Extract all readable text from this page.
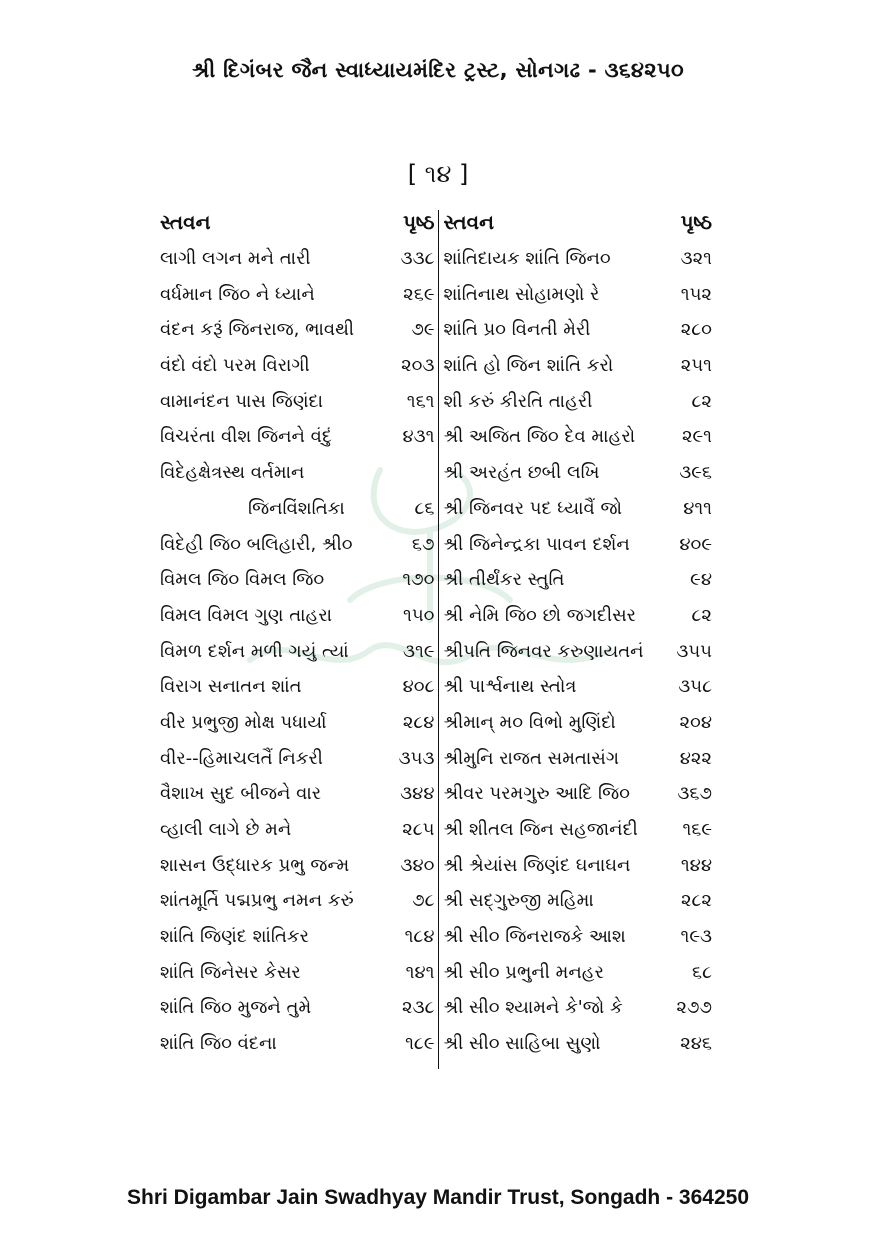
શ્રી દિગંબર જૈન સ્વાધ્યાયમંદિર ટ્રસ્ટ, સોનગઢ - ૩૬૪૨૫૦
[ ૧૪ ]
સ્તવન	પૃષ્ઠ
લાગી લગન મને તારી	૩૩૮
વર્ધમાન જિ૦ ને ધ્યાને	૨૬૯
વંદન કરૂં જિનરાજ, ભાવથી	૭૯
વંદો વંદો પરમ વિરાગી	૨૦૩
વામાનંદન પાસ જિણંદા	૧૬૧
વિચરંતા વીશ જિનને વંદું	૪૩૧
વિદેહક્ષેત્રસ્થ વર્તમાન
જિનવિંશતિકા	૮૬
વિદેહી જિ૦ બલિહારી, શ્રી૦	૬૭
વિમલ જિ૦ વિમલ જિ૦	૧૭૦
વિમલ વિમલ ગુણ તાહરા	૧૫૦
વિમળ દર્શન મળી ગયું ત્યાં	૩૧૯
વિરાગ સનાતન શાંત	૪૦૮
વીર પ્રભુજી મોક્ષ પધાર્યા	૨૮૪
વીર--હિમાચલતૈં નિકરી	૩૫૩
વૈશાખ સુદ બીજને વાર	૩૪૪
વ્હાલી લાગે છે મને	૨૮૫
શાસન ઉદ્ધારક પ્રભુ જન્મ	૩૪૦
શાંતમૂર્તિ પદ્મપ્રભુ નમન કરું	૭૮
શાંતિ જિણંદ શાંતિકર	૧૮૪
શાંતિ જિનેસર કેસર	૧૪૧
શાંતિ જિ૦ મુજને તુમે	૨૩૮
શાંતિ જિ૦ વંદના	૧૮૯
સ્તવન	પૃષ્ઠ
શાંતિદાયક શાંતિ જિન૦	૩૨૧
શાંતિનાથ સોહામણો રે	૧૫૨
શાંતિ પ્ર૦ વિનતી મેરી	૨૮૦
શાંતિ હો જિન શાંતિ કરો	૨૫૧
શી કરું કીરતિ તાહરી	૮૨
શ્રી અજિત જિ૦ દેવ માહરો	૨૯૧
શ્રી અરહંત છબી લખિ	૩૯૬
શ્રી જિનવર પદ ધ્યાવૈં જો	૪૧૧
શ્રી જિનેન્દ્રકા પાવન દર્શન	૪૦૯
શ્રી તીર્થંકર સ્તુતિ	૯૪
શ્રી નેમિ જિ૦ છો જગદીસર	૮૨
શ્રીપતિ જિનવર કરુણાયતનં ૩૫૫
શ્રી પાર્શ્વનાથ સ્તોત્ર	૩૫૮
શ્રીમાન્ મ૦ વિભો મુણિંદો	૨૦૪
શ્રીમુનિ રાજત સમતાસંગ	૪૨૨
શ્રીવર પરમગુરુ આદિ જિ૦	૩૬૭
શ્રી શીતલ જિન સહજાનંદી ૧૬૯
શ્રી શ્રેયાંસ જિણંદ ઘનાઘન	૧૪૪
શ્રી સદ્‌ગુરુજી મહિમા	૨૮૨
શ્રી સી૦ જિનરાજકે આશ	૧૯૩
શ્રી સી૦ પ્રભુની મનહર	૬૮
શ્રી સી૦ શ્યામને કે'જો કે	૨૭૭
શ્રી સી૦ સાહિબા સુણો	૨૪૬
Shri Digambar Jain Swadhyay Mandir Trust, Songadh - 364250
